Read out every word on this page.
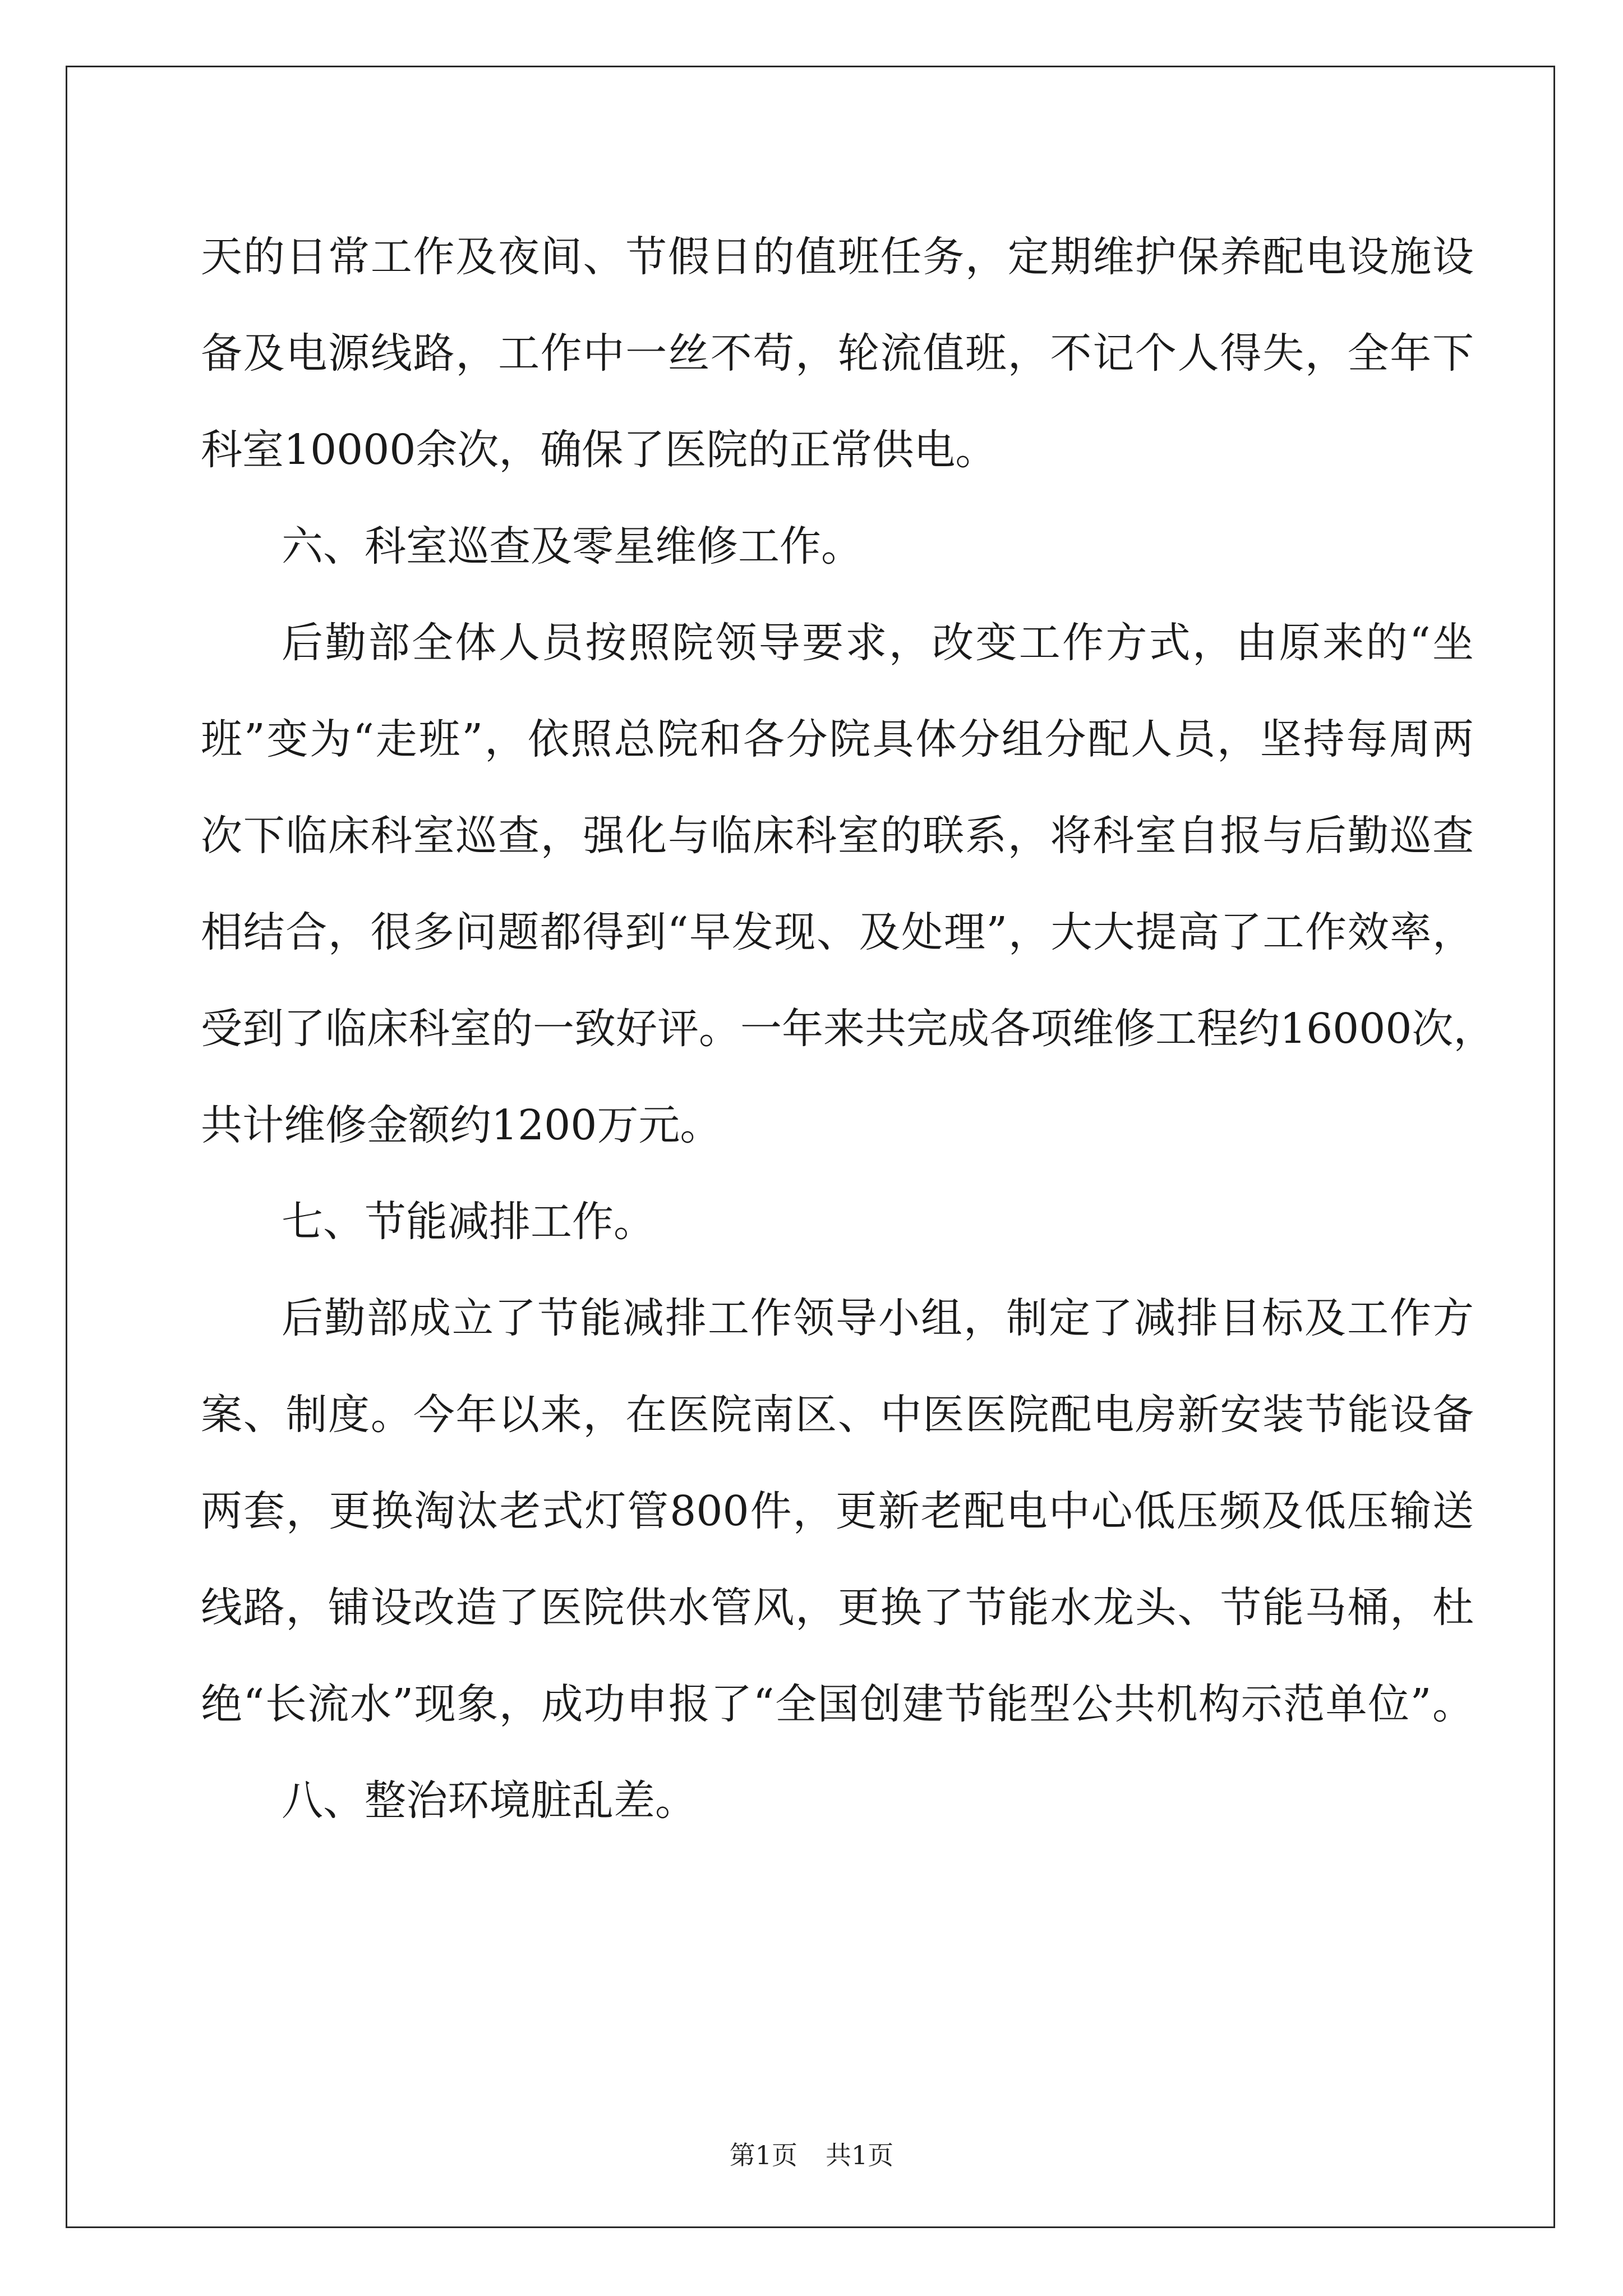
天的日常工作及夜间、节假日的值班任务，定期维护保养配电设施设
备及电源线路，工作中一丝不苟，轮流值班，不记个人得失，全年下
科室10000余次，确保了医院的正常供电。
六、科室巡查及零星维修工作。
后勤部全体人员按照院领导要求，改变工作方式，由原来的“坐
班”变为“走班”，依照总院和各分院具体分组分配人员，坚持每周两
次下临床科室巡查，强化与临床科室的联系，将科室自报与后勤巡查
相结合，很多问题都得到“早发现、及处理”，大大提高了工作效率，
受到了临床科室的一致好评。一年来共完成各项维修工程约16000次，
共计维修金额约1200万元。
七、节能减排工作。
后勤部成立了节能减排工作领导小组，制定了减排目标及工作方
案、制度。今年以来，在医院南区、中医医院配电房新安装节能设备
两套，更换淘汰老式灯管800件，更新老配电中心低压频及低压输送
线路，铺设改造了医院供水管风，更换了节能水龙头、节能马桶，杜
绝“长流水”现象，成功申报了“全国创建节能型公共机构示范单位”。
八、整治环境脏乱差。
第1页 共1页
